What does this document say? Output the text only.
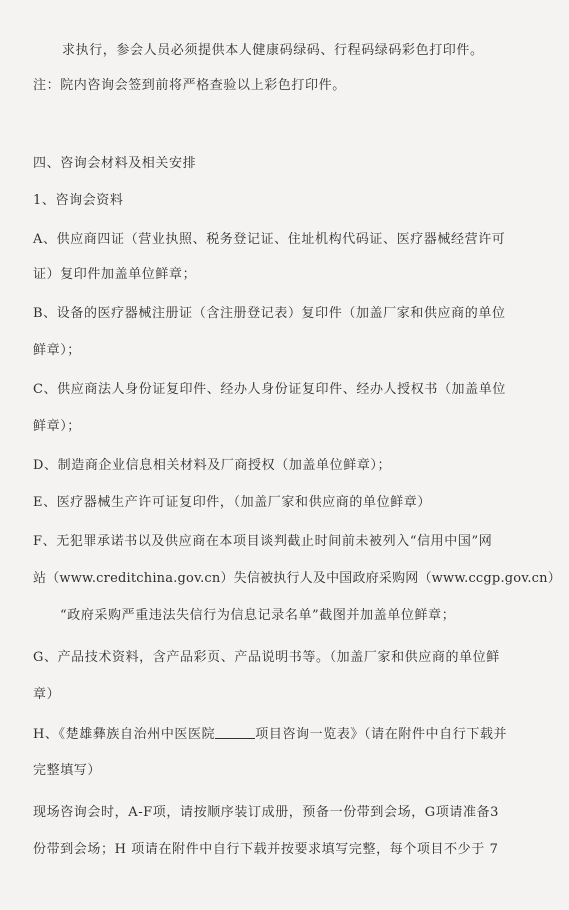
求执行，参会人员必须提供本人健康码绿码、行程码绿码彩色打印件。
注：院内咨询会签到前将严格查验以上彩色打印件。
四、咨询会材料及相关安排
1、咨询会资料
A、供应商四证（营业执照、税务登记证、住址机构代码证、医疗器械经营许可
证）复印件加盖单位鲜章；
B、设备的医疗器械注册证（含注册登记表）复印件（加盖厂家和供应商的单位
鲜章）；
C、供应商法人身份证复印件、经办人身份证复印件、经办人授权书（加盖单位
鲜章）；
D、制造商企业信息相关材料及厂商授权（加盖单位鲜章）；
E、医疗器械生产许可证复印件，（加盖厂家和供应商的单位鲜章）
F、无犯罪承诺书以及供应商在本项目谈判截止时间前未被列入“信用中国”网
站（www.creditchina.gov.cn）失信被执行人及中国政府采购网（www.ccgp.gov.cn）
“政府采购严重违法失信行为信息记录名单”截图并加盖单位鲜章；
G、产品技术资料，含产品彩页、产品说明书等。（加盖厂家和供应商的单位鲜
章）
H、《楚雄彝族自治州中医医院	项目咨询一览表》（请在附件中自行下载并
完整填写）
现场咨询会时，A-F项，请按顺序装订成册，预备一份带到会场，G项请准备3
份带到会场；H 项请在附件中自行下载并按要求填写完整，每个项目不少于 7
